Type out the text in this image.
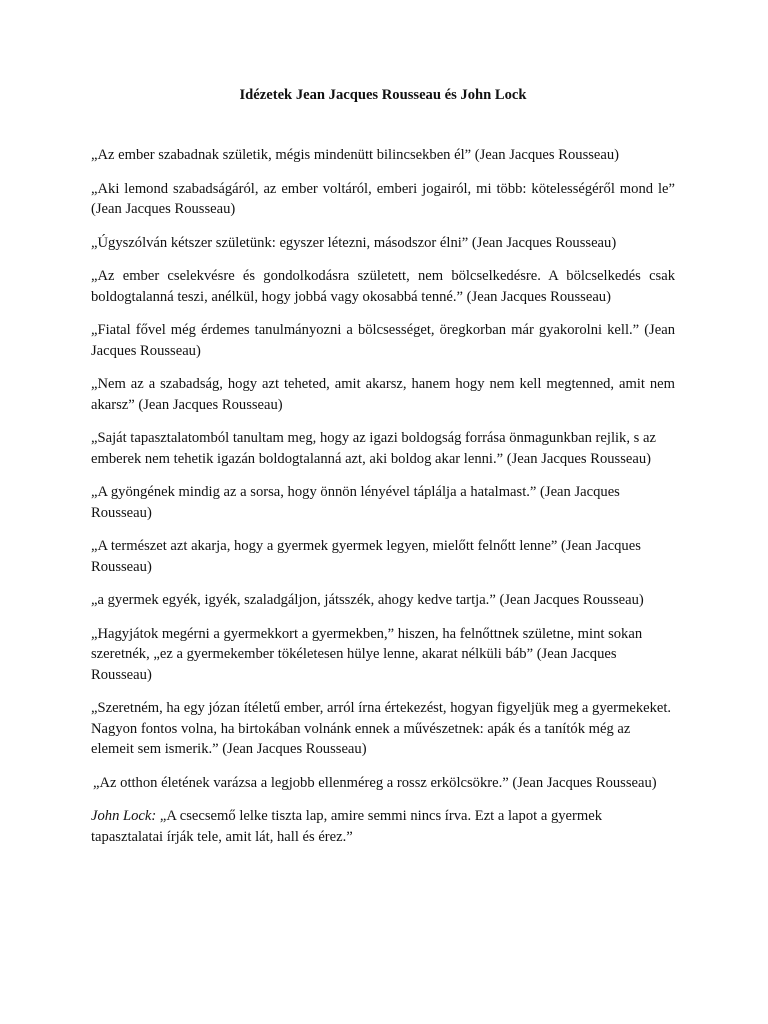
Idézetek Jean Jacques Rousseau és John Lock

„Az ember szabadnak születik, mégis mindenütt bilincsekben él” (Jean Jacques Rousseau)

„Aki lemond szabadságáról, az ember voltáról, emberi jogairól, mi több: kötelességéről mond le” (Jean Jacques Rousseau)

„Úgyszólván kétszer születünk: egyszer létezni, másodszor élni” (Jean Jacques Rousseau)

„Az ember cselekvésre és gondolkodásra született, nem bölcselkedésre. A bölcselkedés csak boldogtalanná teszi, anélkül, hogy jobbá vagy okosabbá tenné.” (Jean Jacques Rousseau)

„Fiatal fővel még érdemes tanulmányozni a bölcsességet, öregkorban már gyakorolni kell.” (Jean Jacques Rousseau)

„Nem az a szabadság, hogy azt teheted, amit akarsz, hanem hogy nem kell megtenned, amit nem akarsz” (Jean Jacques Rousseau)

„Saját tapasztalatomból tanultam meg, hogy az igazi boldogság forrása önmagunkban rejlik, s az emberek nem tehetik igazán boldogtalanná azt, aki boldog akar lenni.” (Jean Jacques Rousseau)

„A gyöngének mindig az a sorsa, hogy önnön lényével táplálja a hatalmast.” (Jean Jacques Rousseau)

„A természet azt akarja, hogy a gyermek gyermek legyen, mielőtt felnőtt lenne” (Jean Jacques Rousseau)

„a gyermek egyék, igyék, szaladgáljon, játsszék, ahogy kedve tartja.” (Jean Jacques Rousseau)

„Hagyjátok megérni a gyermekkort a gyermekben,” hiszen, ha felnőttnek születne, mint sokan szeretnék, „ez a gyermekember tökéletesen hülye lenne, akarat nélküli báb” (Jean Jacques Rousseau)

„Szeretném, ha egy józan ítéletű ember, arról írna értekezést, hogyan figyeljük meg a gyermekeket. Nagyon fontos volna, ha birtokában volnánk ennek a művészetnek: apák és a tanítók még az elemeit sem ismerik.” (Jean Jacques Rousseau)

„Az otthon életének varázsa a legjobb ellenméreg a rossz erkölcsökre.” (Jean Jacques Rousseau)

John Lock: „A csecsemő lelke tiszta lap, amire semmi nincs írva. Ezt a lapot a gyermek tapasztalatai írják tele, amit lát, hall és érez.”
